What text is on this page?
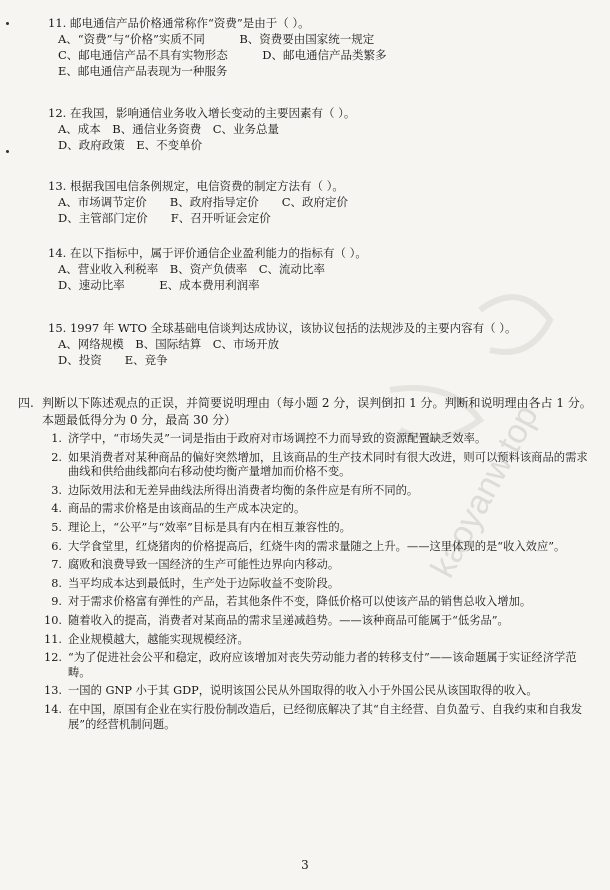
kaoyanw.top
11. 邮电通信产品价格通常称作“资费”是由于（ ）。
A、“资费”与“价格”实质不同　　　B、资费要由国家统一规定
C、邮电通信产品不具有实物形态　　　D、邮电通信产品类繁多
E、邮电通信产品表现为一种服务
12. 在我国，影响通信业务收入增长变动的主要因素有（ ）。
A、成本　B、通信业务资费　C、业务总量
D、政府政策　E、不变单价
13. 根据我国电信条例规定，电信资费的制定方法有（ ）。
A、市场调节定价　　B、政府指导定价　　C、政府定价
D、主管部门定价　　F、召开听证会定价
14. 在以下指标中，属于评价通信企业盈利能力的指标有（ ）。
A、营业收入利税率　B、资产负债率　C、流动比率
D、速动比率　　　E、成本费用利润率
15. 1997 年 WTO 全球基础电信谈判达成协议，该协议包括的法规涉及的主要内容有（ ）。
A、网络规模　B、国际结算　C、市场开放
D、投资　　E、竞争
四. 判断以下陈述观点的正误，并简要说明理由（每小题 2 分，误判倒扣 1 分。判断和说明理由各占 1 分。本题最低得分为 0 分，最高 30 分）
1. 济学中，“市场失灵”一词是指由于政府对市场调控不力而导致的资源配置缺乏效率。
2. 如果消费者对某种商品的偏好突然增加，且该商品的生产技术同时有很大改进，则可以预料该商品的需求曲线和供给曲线都向右移动使均衡产量增加而价格不变。
3. 边际效用法和无差异曲线法所得出消费者均衡的条件应是有所不同的。
4. 商品的需求价格是由该商品的生产成本决定的。
5. 理论上，“公平”与“效率”目标是具有内在相互兼容性的。
6. 大学食堂里，红烧猪肉的价格提高后，红烧牛肉的需求量随之上升。——这里体现的是“收入效应”。
7. 腐败和浪费导致一国经济的生产可能性边界向内移动。
8. 当平均成本达到最低时，生产处于边际收益不变阶段。
9. 对于需求价格富有弹性的产品，若其他条件不变，降低价格可以使该产品的销售总收入增加。
10. 随着收入的提高，消费者对某商品的需求呈递减趋势。——该种商品可能属于“低劣品”。
11. 企业规模越大，越能实现规模经济。
12. “为了促进社会公平和稳定，政府应该增加对丧失劳动能力者的转移支付”——该命题属于实证经济学范畴。
13. 一国的 GNP 小于其 GDP，说明该国公民从外国取得的收入小于外国公民从该国取得的收入。
14. 在中国，原国有企业在实行股份制改造后，已经彻底解决了其“自主经营、自负盈亏、自我约束和自我发展”的经营机制问题。
3
